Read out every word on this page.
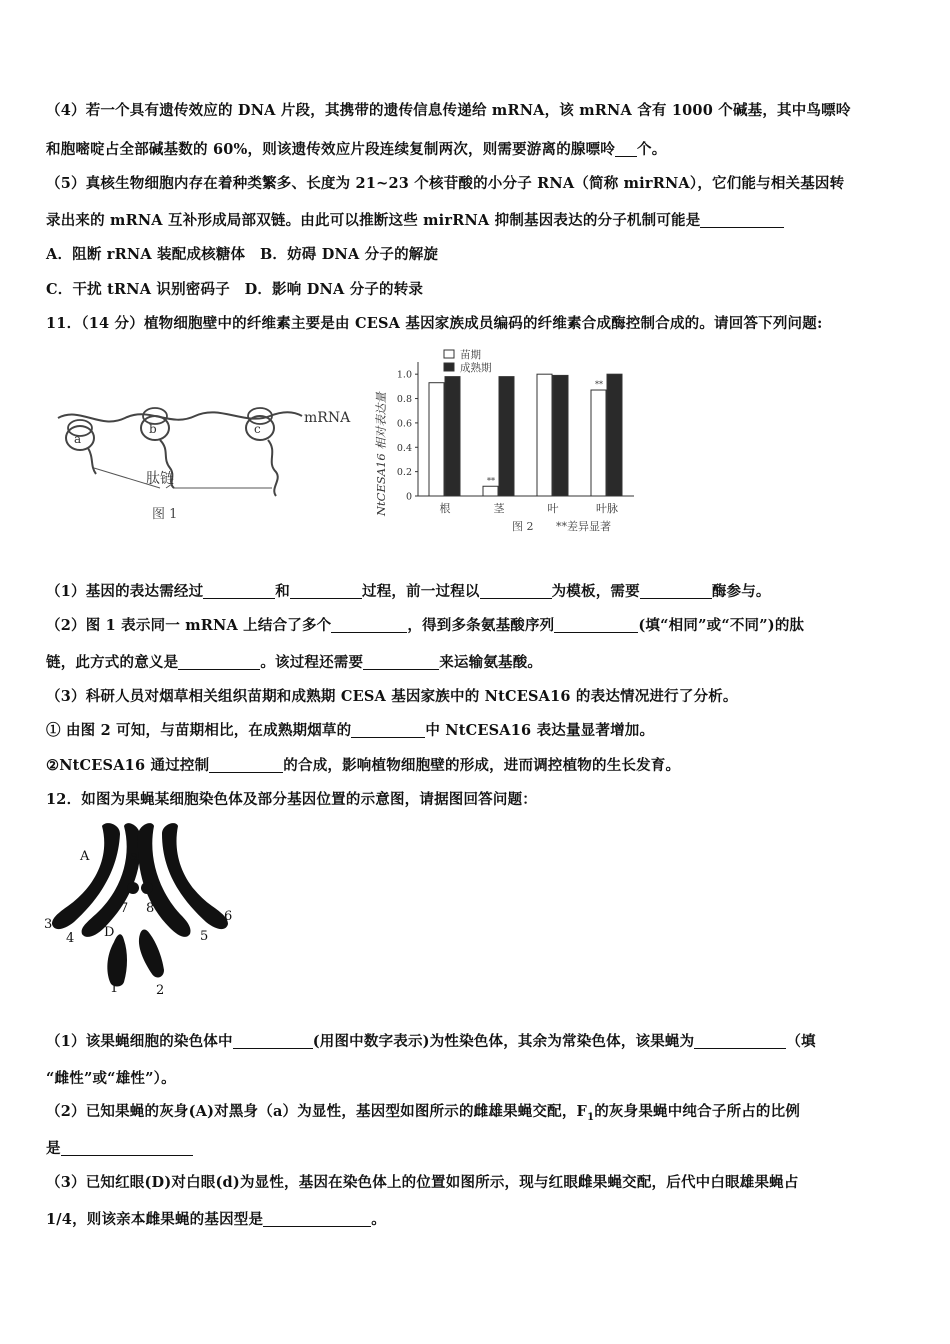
（4）若一个具有遗传效应的 DNA 片段，其携带的遗传信息传递给 mRNA，该 mRNA 含有 1000 个碱基，其中鸟嘌呤
和胞嘧啶占全部碱基数的 60%，则该遗传效应片段连续复制两次，则需要游离的腺嘌呤 个。
（5）真核生物细胞内存在着种类繁多、长度为 21~23 个核苷酸的小分子 RNA（简称 mirRNA），它们能与相关基因转
录出来的 mRNA 互补形成局部双链。由此可以推断这些 mirRNA 抑制基因表达的分子机制可能是
A．阻断 rRNA 装配成核糖体　B．妨碍 DNA 分子的解旋
C．干扰 tRNA 识别密码子　D．影响 DNA 分子的转录
11．（14 分）植物细胞壁中的纤维素主要是由 CESA 基因家族成员编码的纤维素合成酶控制合成的。请回答下列问题:
a
b	c
mRNA
肽链
图 1	NtCESA16 相对表达量
苗期
成熟期
图 2 **差异显著
0
0.2
0.4
0.6
0.8
1.0
根	茎
**
叶	叶脉
**
（1）基因的表达需经过	和	过程，前一过程以	为模板，需要	酶参与。
（2）图 1 表示同一 mRNA 上结合了多个	，得到多条氨基酸序列	(填“相同”或“不同”)的肽
链，此方式的意义是	。该过程还需要	来运输氨基酸。
（3）科研人员对烟草相关组织苗期和成熟期 CESA 基因家族中的 NtCESA16 的表达情况进行了分析。
① 由图 2 可知，与苗期相比，在成熟期烟草的	中 NtCESA16 表达量显著增加。
②NtCESA16 通过控制	的合成，影响植物细胞壁的形成，进而调控植物的生长发育。
12．如图为果蝇某细胞染色体及部分基因位置的示意图，请据图回答问题：
A	a
D
1	2
3
4	5
6
7 8
（1）该果蝇细胞的染色体中	(用图中数字表示)为性染色体，其余为常染色体，该果蝇为	（填
“雌性”或“雄性”）。
（2）已知果蝇的灰身(A)对黑身（a）为显性，基因型如图所示的雌雄果蝇交配，$F_1$的灰身果蝇中纯合子所占的比例
是
（3）已知红眼(D)对白眼(d)为显性，基因在染色体上的位置如图所示，现与红眼雌果蝇交配，后代中白眼雄果蝇占
1/4，则该亲本雌果蝇的基因型是	。
